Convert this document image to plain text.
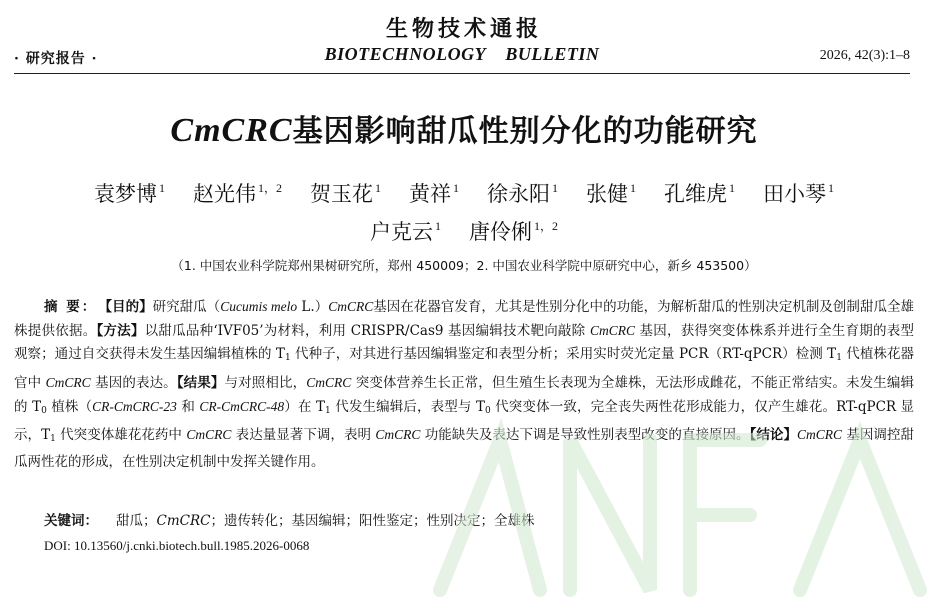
生物技术通报
· 研究报告 ·	BIOTECHNOLOGY    BULLETIN	2026, 42(3):1–8
CmCRC基因影响甜瓜性别分化的功能研究
袁梦博 $^1$ 赵光伟 $^{1,2}$ 贺玉花 $^1$ 黄祥 $^1$ 徐永阳 $^1$ 张健 $^1$ 孔维虎 $^1$ 田小琴 $^1$
户克云 $^1$ 唐伶俐 $^{1,2}$
（1. 中国农业科学院郑州果树研究所，郑州 450009；2. 中国农业科学院中原研究中心，新乡 453500）
摘 要： 【目的】研究甜瓜（Cucumis melo L.）CmCRC基因在花器官发育，尤其是性别分化中的功能，为解析甜瓜的性别决定机制及创制甜瓜全雄株提供依据。【方法】以甜瓜品种‘IVF05’为材料，利用 CRISPR/Cas9 基因编辑技术靶向敲除 CmCRC 基因，获得突变体株系并进行全生育期的表型观察；通过自交获得未发生基因编辑植株的 $T_1$ 代种子，对其进行基因编辑鉴定和表型分析；采用实时荧光定量 PCR（RT-qPCR）检测 $T_1$ 代植株花器官中 CmCRC 基因的表达。【结果】与对照相比，CmCRC 突变体营养生长正常，但生殖生长表现为全雄株，无法形成雌花，不能正常结实。未发生编辑的 $T_0$ 植株（CR-CmCRC-23 和 CR-CmCRC-48）在 $T_1$ 代发生编辑后，表型与 $T_0$ 代突变体一致，完全丧失两性花形成能力，仅产生雄花。RT-qPCR 显示，$T_1$ 代突变体雄花花药中 CmCRC 表达量显著下调，表明 CmCRC 功能缺失及表达下调是导致性别表型改变的直接原因。【结论】CmCRC 基因调控甜瓜两性花的形成，在性别决定机制中发挥关键作用。
关键词： 甜瓜；CmCRC；遗传转化；基因编辑；阳性鉴定；性别决定；全雄株
DOI: 10.13560/j.cnki.biotech.bull.1985.2026-0068
